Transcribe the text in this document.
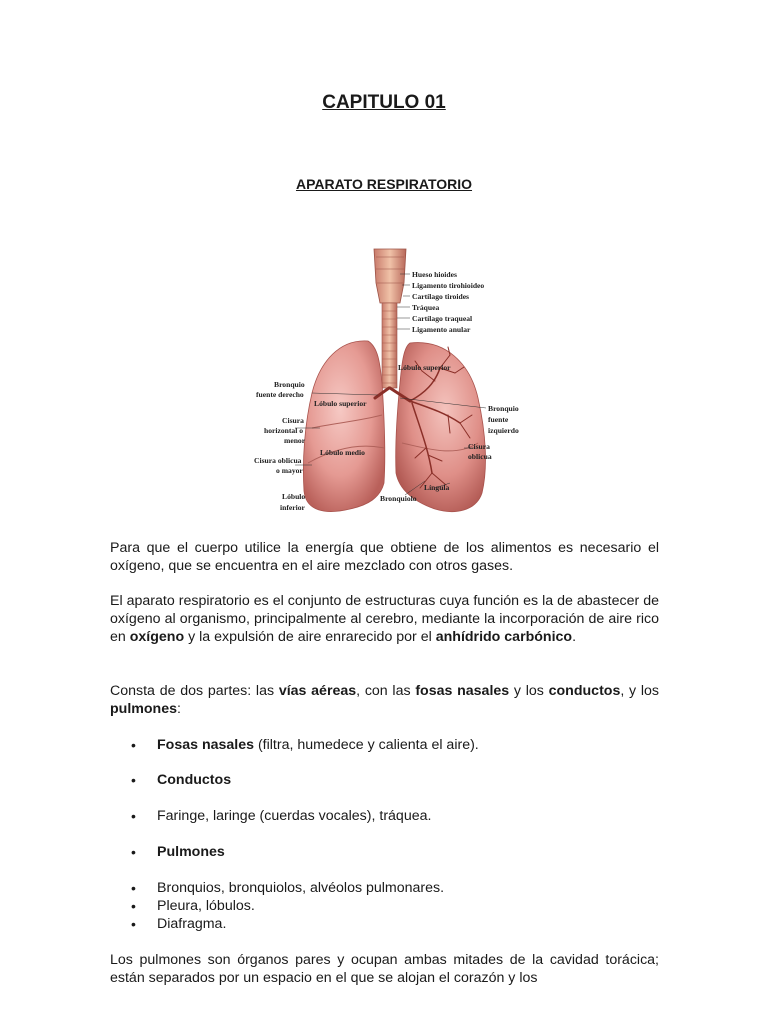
CAPITULO 01
APARATO RESPIRATORIO
Hueso hioides
Ligamento tirohioideo
Cartílago tiroides
Tráquea
Cartílago traqueal
Ligamento anular
Lóbulo superior
Bronquio
fuente derecho
Lóbulo superior
Bronquio
fuente
izquierdo
Cisura
horizontal o
menor
Lóbulo medio
Cisura oblicua
o mayor
Cisura
oblicua
Língula
Bronquiolo
Lóbulo
inferior

Para que el cuerpo utilice la energía que obtiene de los alimentos es necesario el oxígeno, que se encuentra en el aire mezclado con otros gases.

El aparato respiratorio es el conjunto de estructuras cuya función es la de abastecer de oxígeno al organismo, principalmente al cerebro, mediante la incorporación de aire rico en oxígeno y la expulsión de aire enrarecido por el anhídrido carbónico.

Consta de dos partes: las vías aéreas, con las fosas nasales y los conductos, y los pulmones:

Fosas nasales (filtra, humedece y calienta el aire).
Conductos
Faringe, laringe (cuerdas vocales), tráquea.
Pulmones
Bronquios, bronquiolos, alvéolos pulmonares.
Pleura, lóbulos.
Diafragma.

Los pulmones son órganos pares y ocupan ambas mitades de la cavidad torácica; están separados por un espacio en el que se alojan el corazón y los
